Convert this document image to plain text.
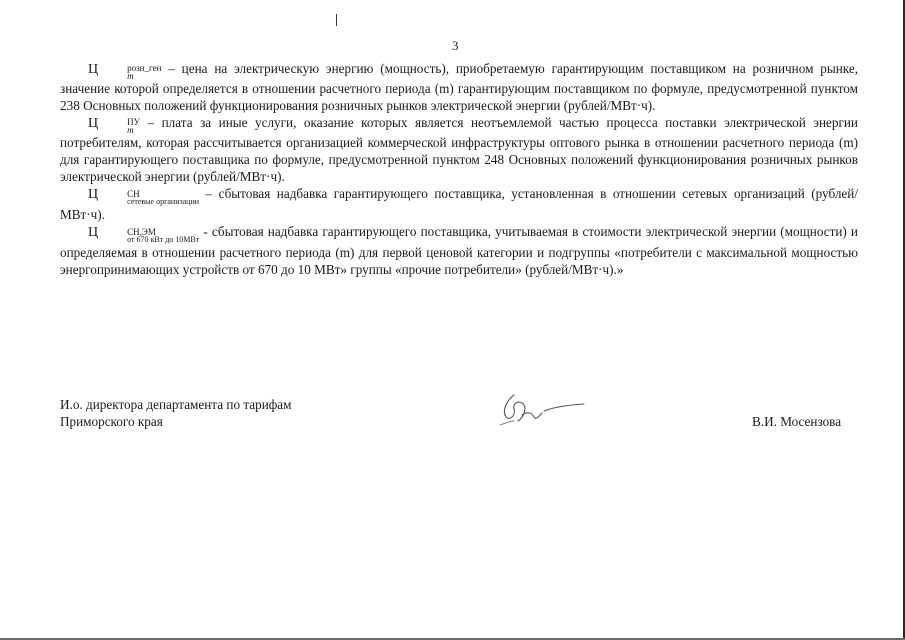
3

Ц	розн_ген
m	– цена на электрическую энергию (мощность), приобретаемую гарантирующим поставщиком на розничном рынке, значение которой определяется в отношении расчетного периода (m) гарантирующим поставщиком по формуле, предусмотренной пунктом 238 Основных положений функционирования розничных рынков электрической энергии (рублей/МВт·ч).

Ц	ПУ
m – плата за иные услуги, оказание которых является неотъемлемой частью процесса поставки электрической энергии потребителям, которая рассчитывается организацией коммерческой инфраструктуры оптового рынка в отношении расчетного периода (m) для гарантирующего поставщика по формуле, предусмотренной пунктом 248 Основных положений функционирования розничных рынков электрической энергии (рублей/МВт·ч).

Ц	СН
сетевые организации
– сбытовая надбавка гарантирующего поставщика, установленная в отношении сетевых организаций (рублей/МВт·ч).

Ц	СН,ЭМ
от 670 кВт до 10МВт
- сбытовая надбавка гарантирующего поставщика, учитываемая в стоимости электрической энергии (мощности) и определяемая в отношении расчетного периода (m) для первой ценовой категории и подгруппы «потребители с максимальной мощностью энергопринимающих устройств от 670 до 10 МВт» группы «прочие потребители» (рублей/МВт·ч).»

И.о. директора департамента по тарифам
Приморского края	В.И. Мосензова
